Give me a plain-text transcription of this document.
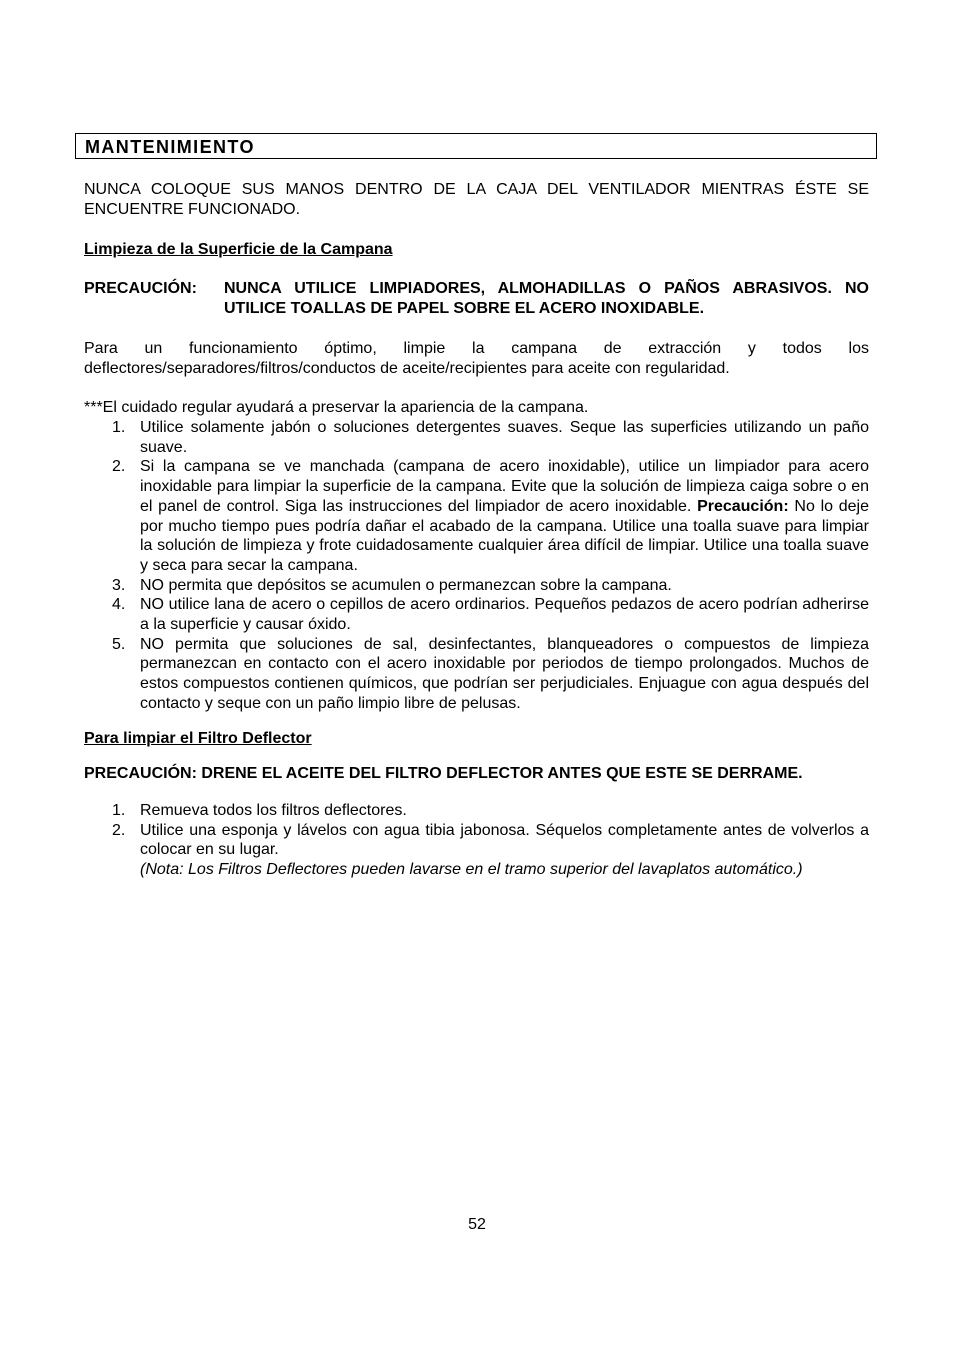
MANTENIMIENTO
NUNCA COLOQUE SUS MANOS DENTRO DE LA CAJA DEL VENTILADOR MIENTRAS ÉSTE SE ENCUENTRE FUNCIONADO.
Limpieza de la Superficie de la Campana
PRECAUCIÓN:	NUNCA UTILICE LIMPIADORES, ALMOHADILLAS O PAÑOS ABRASIVOS. NO UTILICE TOALLAS DE PAPEL SOBRE EL ACERO INOXIDABLE.
Para un funcionamiento óptimo, limpie la campana de extracción y todos los deflectores/separadores/filtros/conductos de aceite/recipientes para aceite con regularidad.
***El cuidado regular ayudará a preservar la apariencia de la campana.
1. Utilice solamente jabón o soluciones detergentes suaves. Seque las superficies utilizando un paño suave.
2. Si la campana se ve manchada (campana de acero inoxidable), utilice un limpiador para acero inoxidable para limpiar la superficie de la campana. Evite que la solución de limpieza caiga sobre o en el panel de control. Siga las instrucciones del limpiador de acero inoxidable. Precaución: No lo deje por mucho tiempo pues podría dañar el acabado de la campana. Utilice una toalla suave para limpiar la solución de limpieza y frote cuidadosamente cualquier área difícil de limpiar. Utilice una toalla suave y seca para secar la campana.
3. NO permita que depósitos se acumulen o permanezcan sobre la campana.
4. NO utilice lana de acero o cepillos de acero ordinarios. Pequeños pedazos de acero podrían adherirse a la superficie y causar óxido.
5. NO permita que soluciones de sal, desinfectantes, blanqueadores o compuestos de limpieza permanezcan en contacto con el acero inoxidable por periodos de tiempo prolongados. Muchos de estos compuestos contienen químicos, que podrían ser perjudiciales. Enjuague con agua después del contacto y seque con un paño limpio libre de pelusas.
Para limpiar el Filtro Deflector
PRECAUCIÓN: DRENE EL ACEITE DEL FILTRO DEFLECTOR ANTES QUE ESTE SE DERRAME.
1. Remueva todos los filtros deflectores.
2. Utilice una esponja y lávelos con agua tibia jabonosa. Séquelos completamente antes de volverlos a colocar en su lugar.
(Nota: Los Filtros Deflectores pueden lavarse en el tramo superior del lavaplatos automático.)
52
